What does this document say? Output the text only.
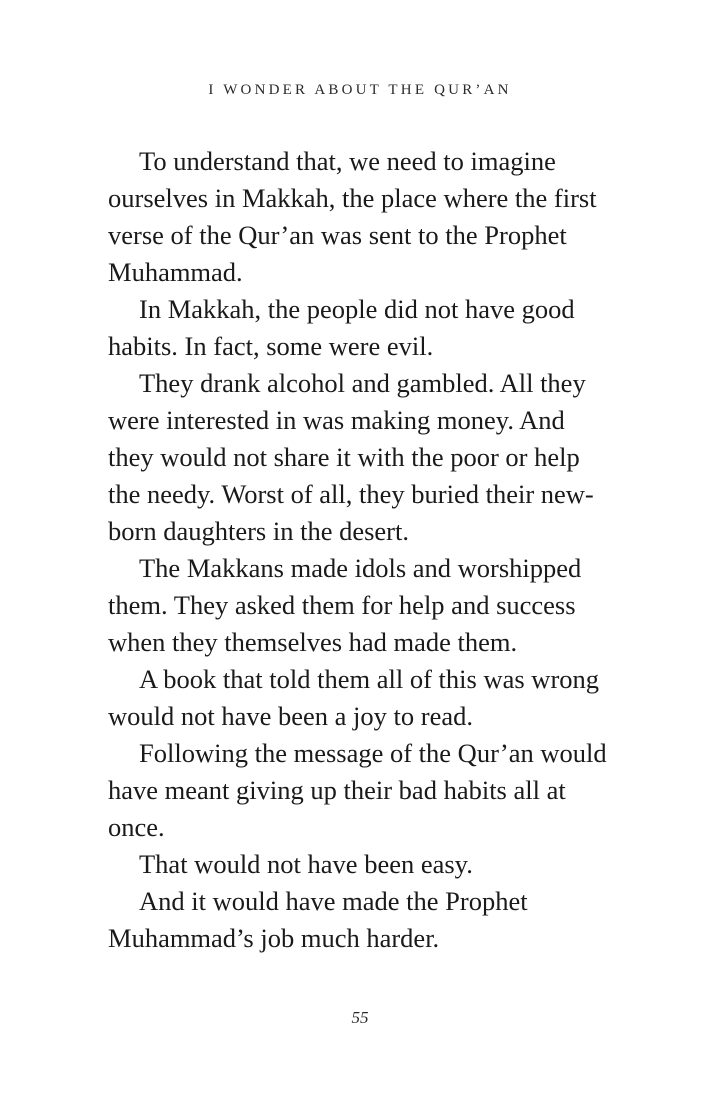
I WONDER ABOUT THE QUR’AN
To understand that, we need to imagine
ourselves in Makkah, the place where the first
verse of the Qur’an was sent to the Prophet
Muhammad.
In Makkah, the people did not have good
habits. In fact, some were evil.
They drank alcohol and gambled. All they
were interested in was making money. And
they would not share it with the poor or help
the needy. Worst of all, they buried their new-
born daughters in the desert.
The Makkans made idols and worshipped
them. They asked them for help and success
when they themselves had made them.
A book that told them all of this was wrong
would not have been a joy to read.
Following the message of the Qur’an would
have meant giving up their bad habits all at
once.
That would not have been easy.
And it would have made the Prophet
Muhammad’s job much harder.
55
